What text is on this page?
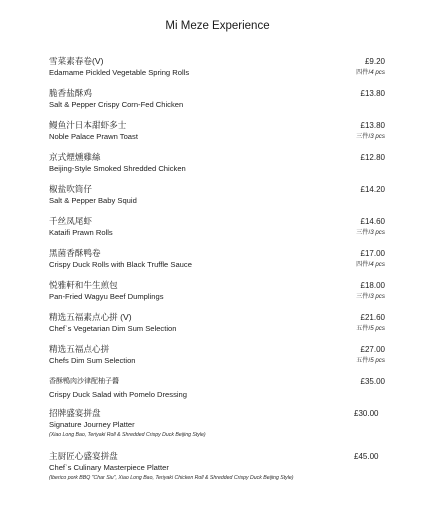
Mi Meze Experience
雪菜素春卷(V)
Edamame Pickled Vegetable Spring Rolls
£9.20
四件/4 pcs
脆香盐酥鸡
Salt & Pepper Crispy Corn-Fed Chicken
£13.80
鳗鱼汁日本甜虾多士
Noble Palace Prawn Toast
£13.80
三件/3 pcs
京式煙燻雞絲
Beijing-Style Smoked Shredded Chicken
£12.80
椒盐吹筒仔
Salt & Pepper Baby Squid
£14.20
千丝凤尾虾
Kataifi Prawn Rolls
£14.60
三件/3 pcs
黑菌香酥鸭卷
Crispy Duck Rolls with Black Truffle Sauce
£17.00
四件/4 pcs
悦雅軒和牛生煎包
Pan-Fried Wagyu Beef Dumplings
£18.00
三件/3 pcs
精选五福素点心拼 (V)
Chef`s Vegetarian Dim Sum Selection
£21.60
五件/5 pcs
精选五福点心拼
Chefs Dim Sum Selection
£27.00
五件/5 pcs
香酥鴨肉沙律配柚子醬
Crispy Duck Salad with Pomelo Dressing
£35.00
招牌盛宴拼盘
Signature Journey Platter
(Xiao Long Bao, Teriyaki Roll & Shredded Crispy Duck Beijing Style)
£30.00
主厨匠心盛宴拼盘
Chef`s Culinary Masterpiece Platter
(Iberico pork BBQ "Char Siu", Xiao Long Bao, Teriyaki Chicken Roll & Shredded Crispy Duck Beijing Style)
£45.00
